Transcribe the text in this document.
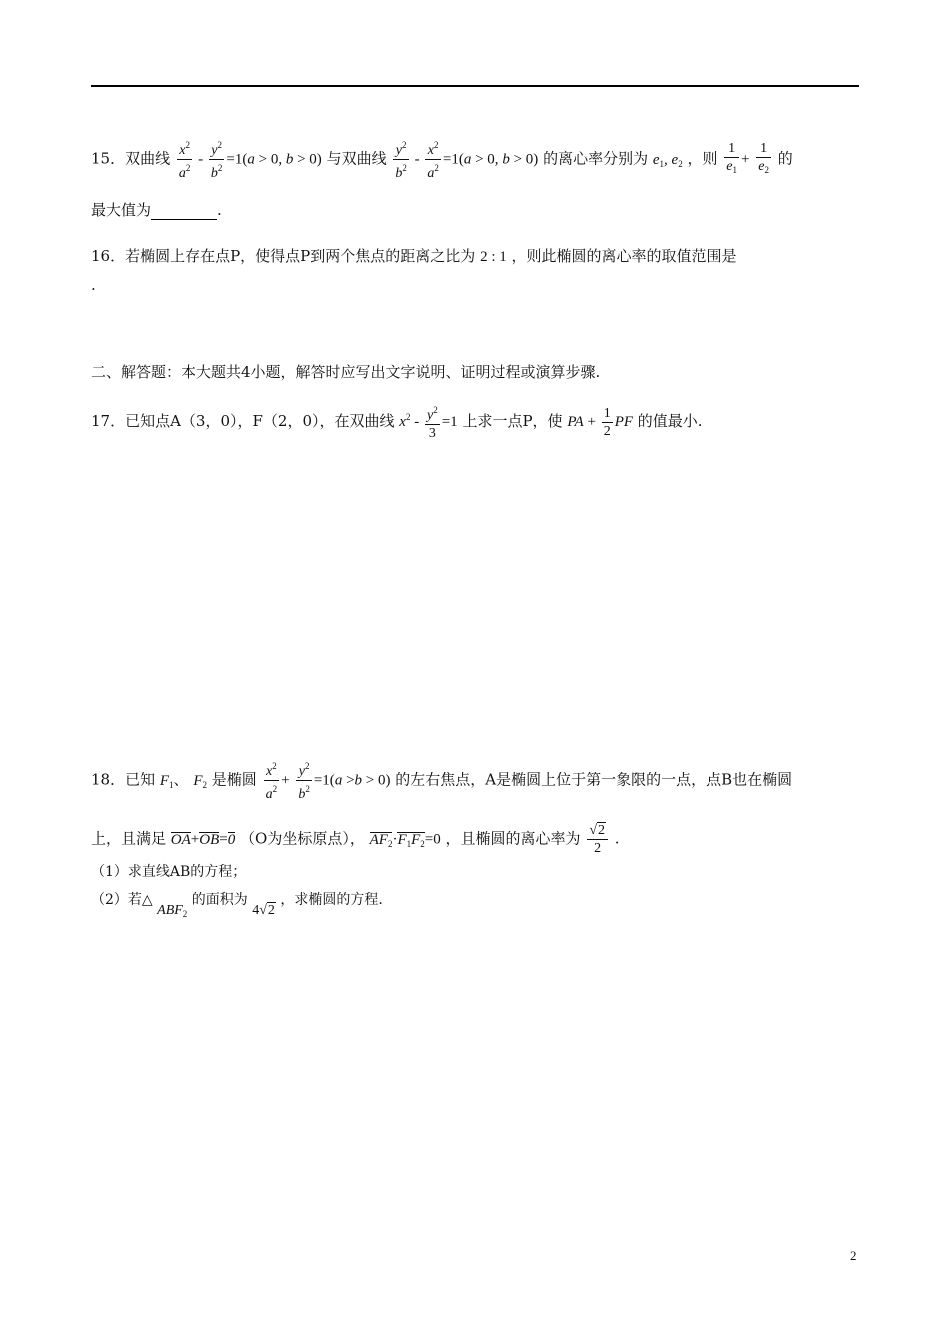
15．双曲线 $\frac{x^2}{a^2} - \frac{y^2}{b^2} =1(a > 0$, b > 0) 与双曲线 $\frac{y^2}{b^2} - \frac{x^2}{a^2} =1(a > 0$, b > 0) 的离心率分别为 $e_1$, $e_2$ ，则 $\frac{1}{e_1} + \frac{1}{e_2}$ 的
最大值为	.
16．若椭圆上存在点P，使得点P到两个焦点的距离之比为 2 : 1 ，则此椭圆的离心率的取值范围是
.
二、解答题：本大题共4小题，解答时应写出文字说明、证明过程或演算步骤.
17．已知点A（3，0），F（2，0），在双曲线 $x^2 - \frac{y^2}{3} =1$ 上求一点P，使 PA + $\frac{1}{2}$ PF 的值最小.
18．已知 $F_1$、 $F_2$ 是椭圆 $\frac{x^2}{a^2} + \frac{y^2}{b^2} =1(a >b > 0)$ 的左右焦点，A是椭圆上位于第一象限的一点，点B也在椭圆
上，且满足 OA+OB=0 （O为坐标原点）， $AF_2\cdot F_1F_2=0$ ，且椭圆的离心率为 $\frac{√2}{2}$ .
（1）求直线AB的方程；
（2）若△ $ABF_2$ 的面积为 4√2 ，求椭圆的方程.
2
